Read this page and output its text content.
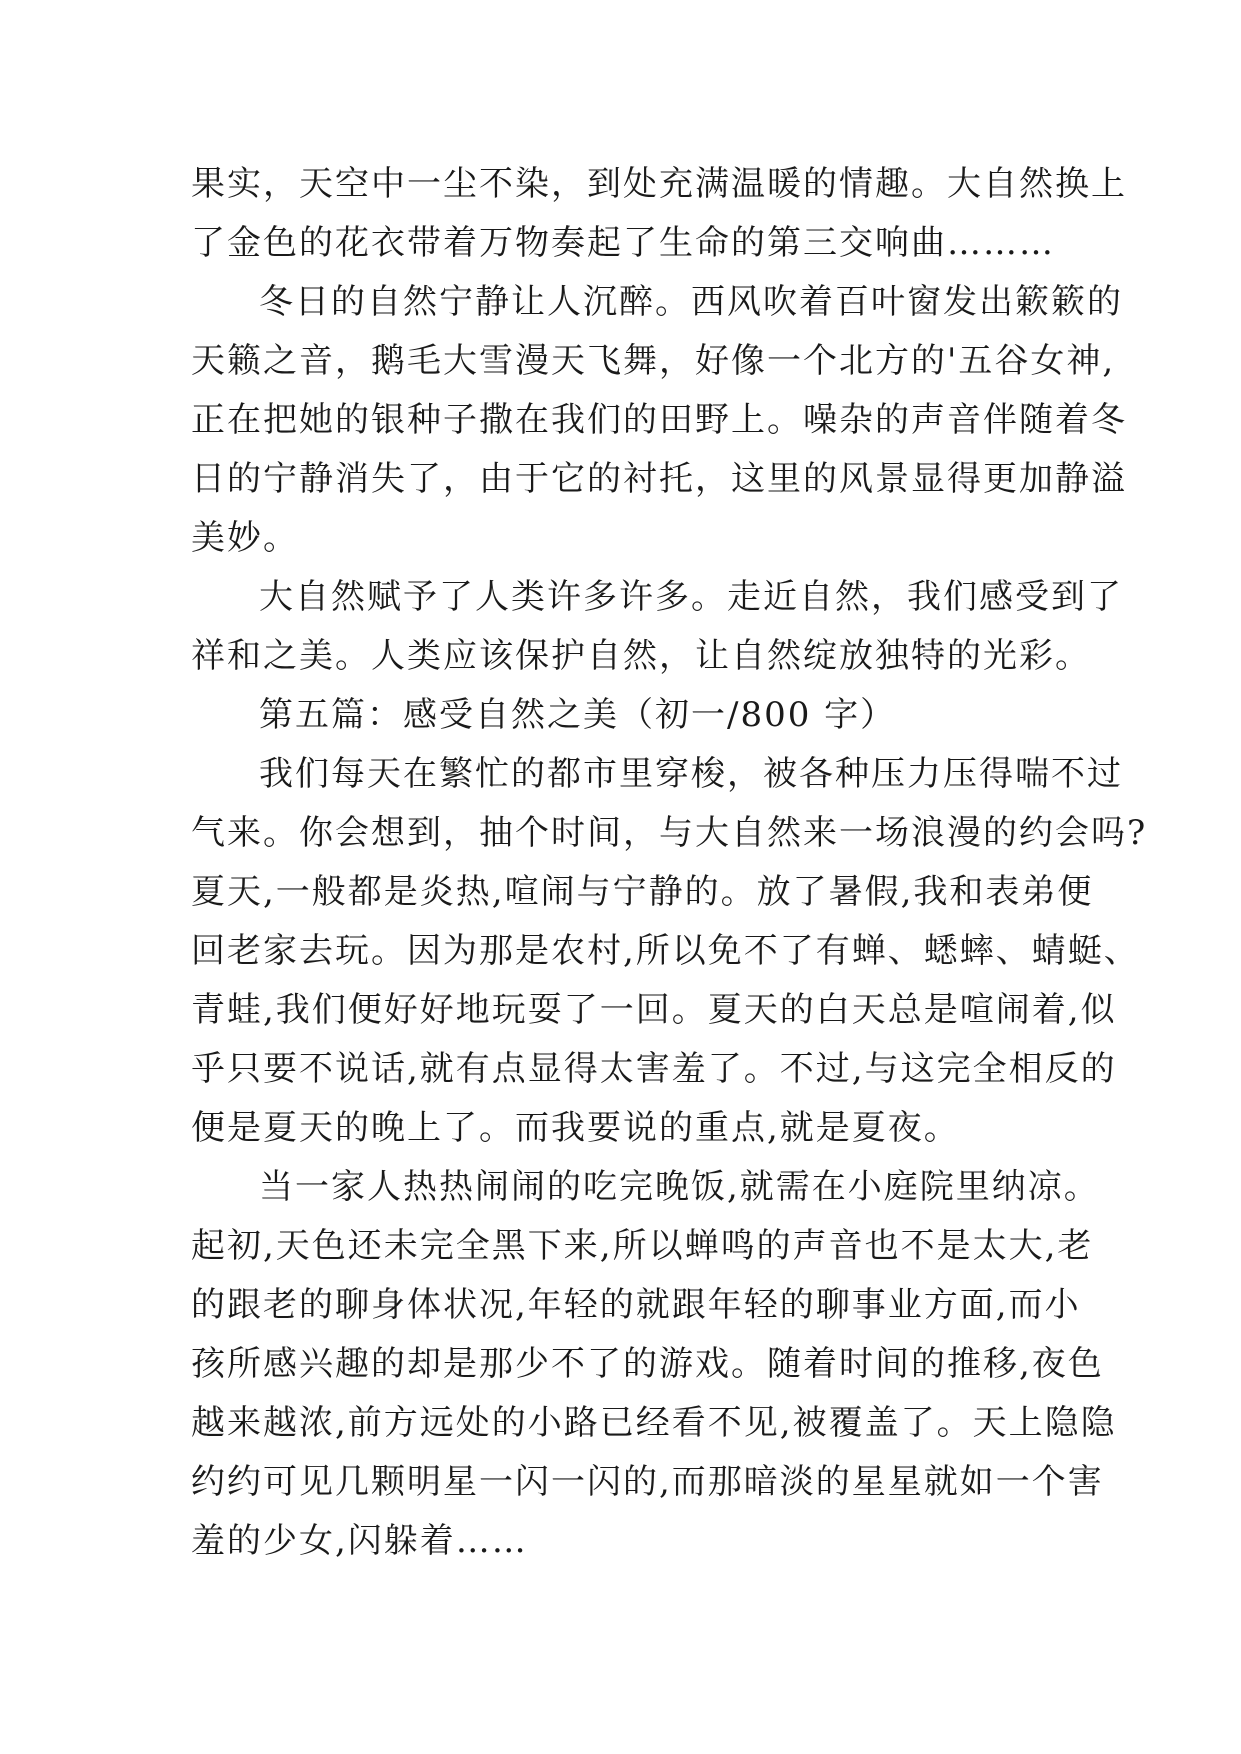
果实，天空中一尘不染，到处充满温暖的情趣。大自然换上
了金色的花衣带着万物奏起了生命的第三交响曲………
冬日的自然宁静让人沉醉。西风吹着百叶窗发出簌簌的
天籁之音，鹅毛大雪漫天飞舞，好像一个北方的'五谷女神,
正在把她的银种子撒在我们的田野上。噪杂的声音伴随着冬
日的宁静消失了，由于它的衬托，这里的风景显得更加静溢
美妙。
大自然赋予了人类许多许多。走近自然，我们感受到了
祥和之美。人类应该保护自然，让自然绽放独特的光彩。
第五篇：感受自然之美（初一/800 字）
我们每天在繁忙的都市里穿梭，被各种压力压得喘不过
气来。你会想到，抽个时间，与大自然来一场浪漫的约会吗?
夏天,一般都是炎热,喧闹与宁静的。放了暑假,我和表弟便
回老家去玩。因为那是农村,所以免不了有蝉、蟋蟀、蜻蜓、
青蛙,我们便好好地玩耍了一回。夏天的白天总是喧闹着,似
乎只要不说话,就有点显得太害羞了。不过,与这完全相反的
便是夏天的晚上了。而我要说的重点,就是夏夜。
当一家人热热闹闹的吃完晚饭,就需在小庭院里纳凉。
起初,天色还未完全黑下来,所以蝉鸣的声音也不是太大,老
的跟老的聊身体状况,年轻的就跟年轻的聊事业方面,而小
孩所感兴趣的却是那少不了的游戏。随着时间的推移,夜色
越来越浓,前方远处的小路已经看不见,被覆盖了。天上隐隐
约约可见几颗明星一闪一闪的,而那暗淡的星星就如一个害
羞的少女,闪躲着……
